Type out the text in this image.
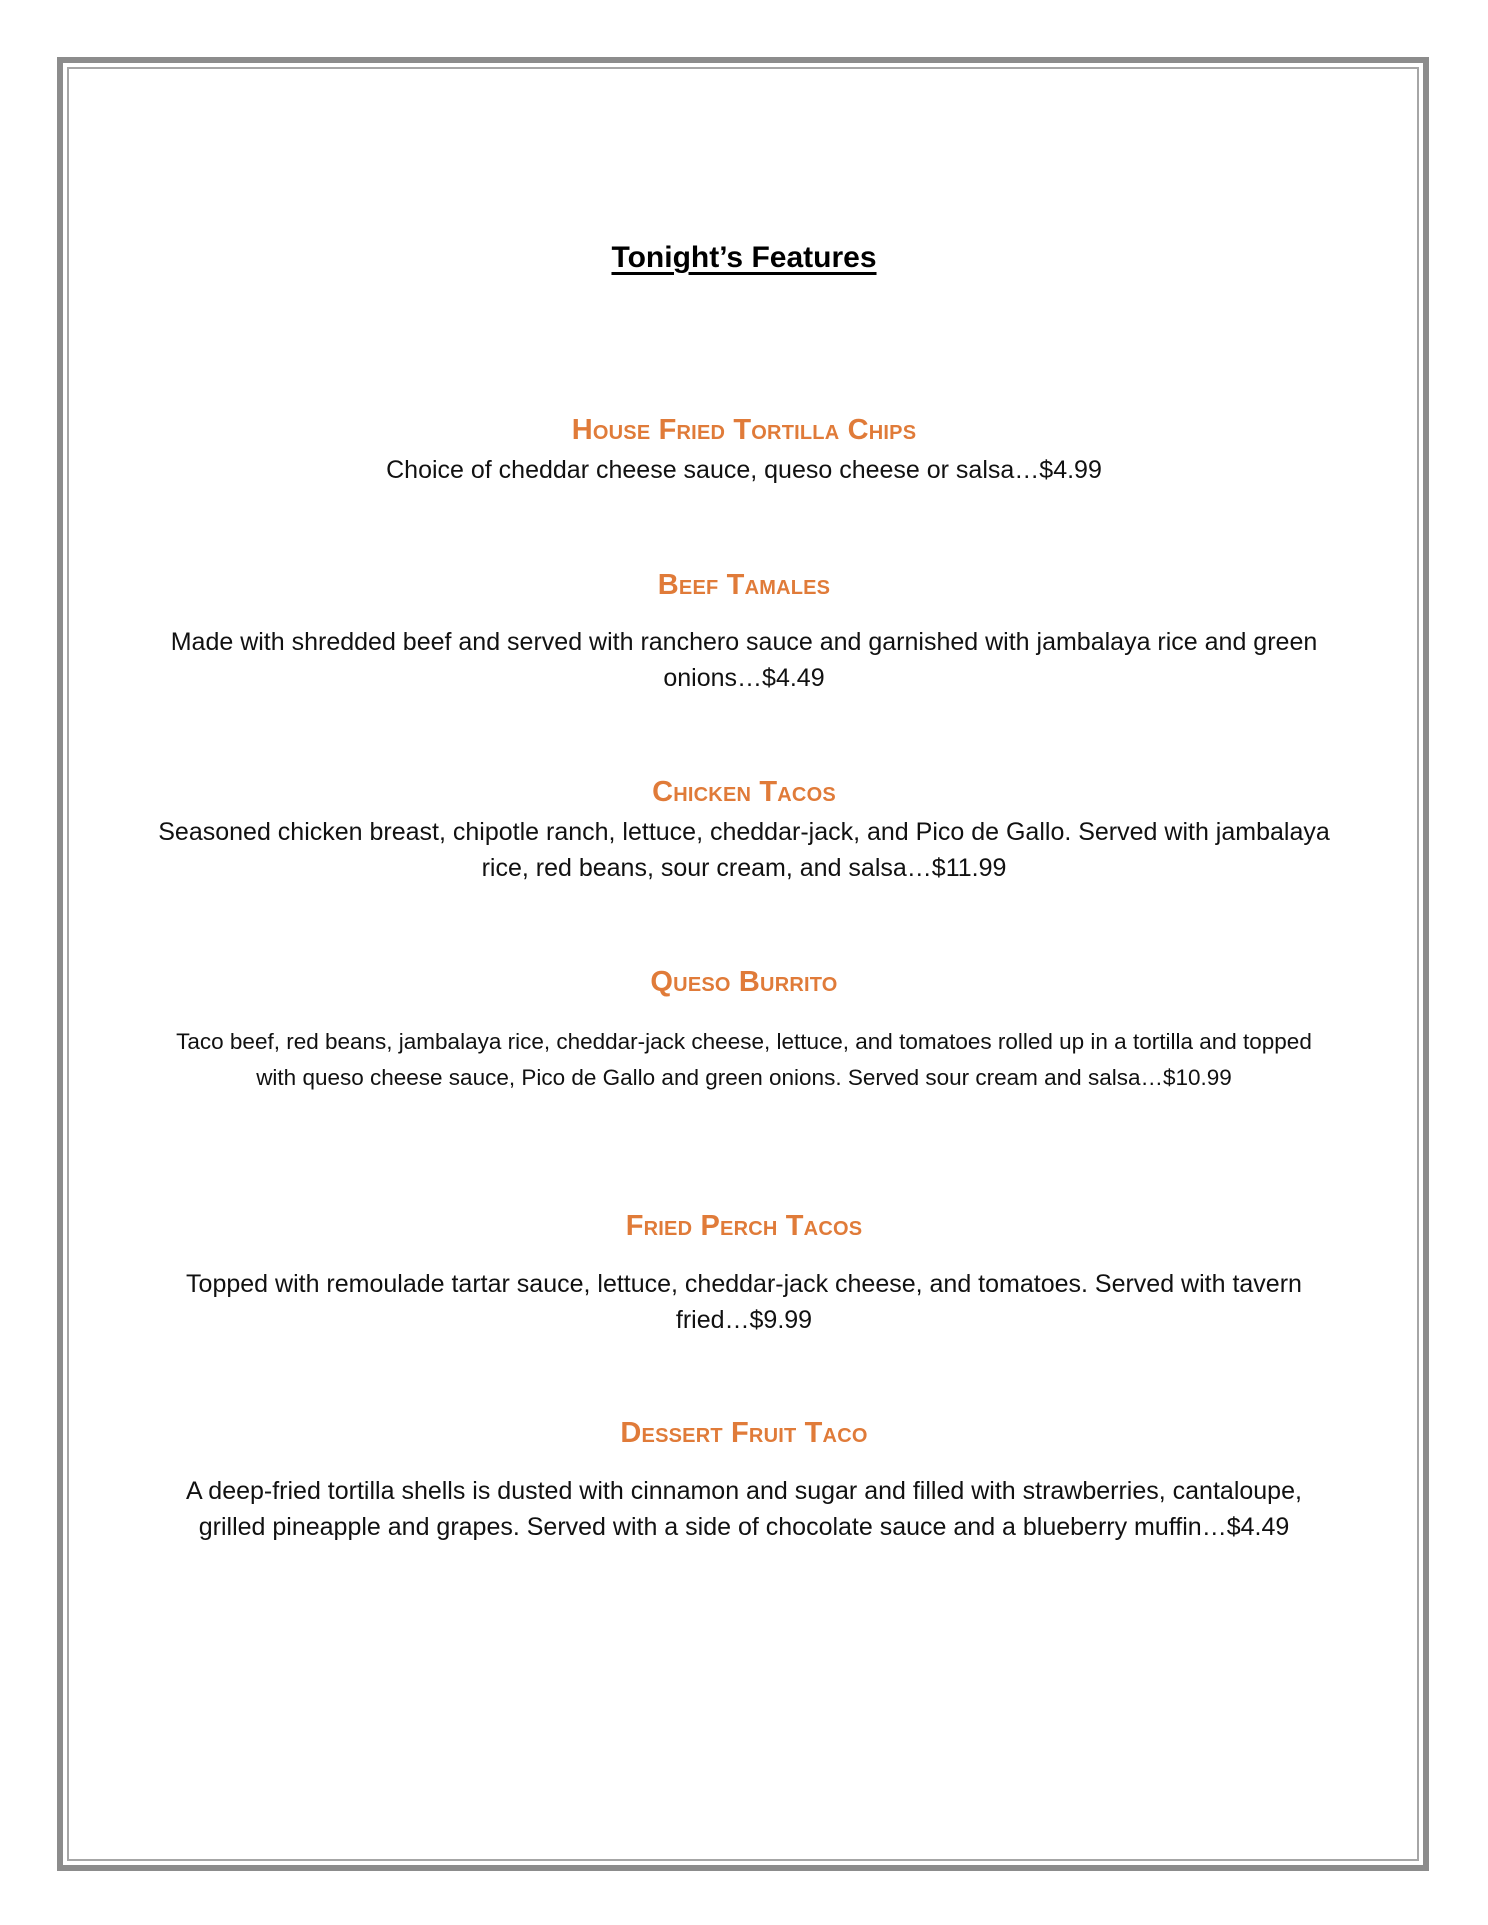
Tonight’s Features
House Fried Tortilla Chips
Choice of cheddar cheese sauce, queso cheese or salsa…$4.99
Beef Tamales
Made with shredded beef and served with ranchero sauce and garnished with jambalaya rice and green onions…$4.49
Chicken Tacos
Seasoned chicken breast, chipotle ranch, lettuce, cheddar-jack, and Pico de Gallo. Served with jambalaya rice, red beans, sour cream, and salsa…$11.99
Queso Burrito
Taco beef, red beans, jambalaya rice, cheddar-jack cheese, lettuce, and tomatoes rolled up in a tortilla and topped with queso cheese sauce, Pico de Gallo and green onions. Served sour cream and salsa…$10.99
Fried Perch Tacos
Topped with remoulade tartar sauce, lettuce, cheddar-jack cheese, and tomatoes. Served with tavern fried…$9.99
Dessert Fruit Taco
A deep-fried tortilla shells is dusted with cinnamon and sugar and filled with strawberries, cantaloupe, grilled pineapple and grapes. Served with a side of chocolate sauce and a blueberry muffin…$4.49
